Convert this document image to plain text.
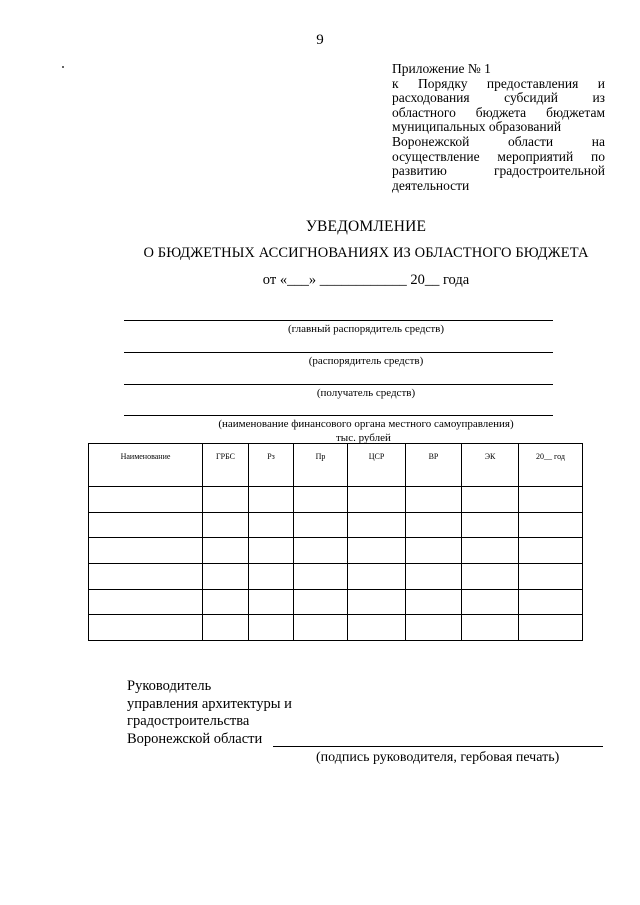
9
Приложение № 1
к Порядку предоставления и
расходования субсидий из
областного бюджета бюджетам
муниципальных образований
Воронежской области на
осуществление мероприятий по
развитию градостроительной
деятельности
УВЕДОМЛЕНИЕ
О БЮДЖЕТНЫХ АССИГНОВАНИЯХ ИЗ ОБЛАСТНОГО БЮДЖЕТА
от «___» ____________ 20__ года
(главный распорядитель средств)
(распорядитель средств)
(получатель средств)
(наименование финансового органа местного самоуправления)
тыс. рублей
Наименование	ГРБС	Рз	Пр	ЦСР	ВР	ЭК	20__ год

Руководитель
управления архитектуры и
градостроительства
Воронежской области
(подпись руководителя, гербовая печать)
